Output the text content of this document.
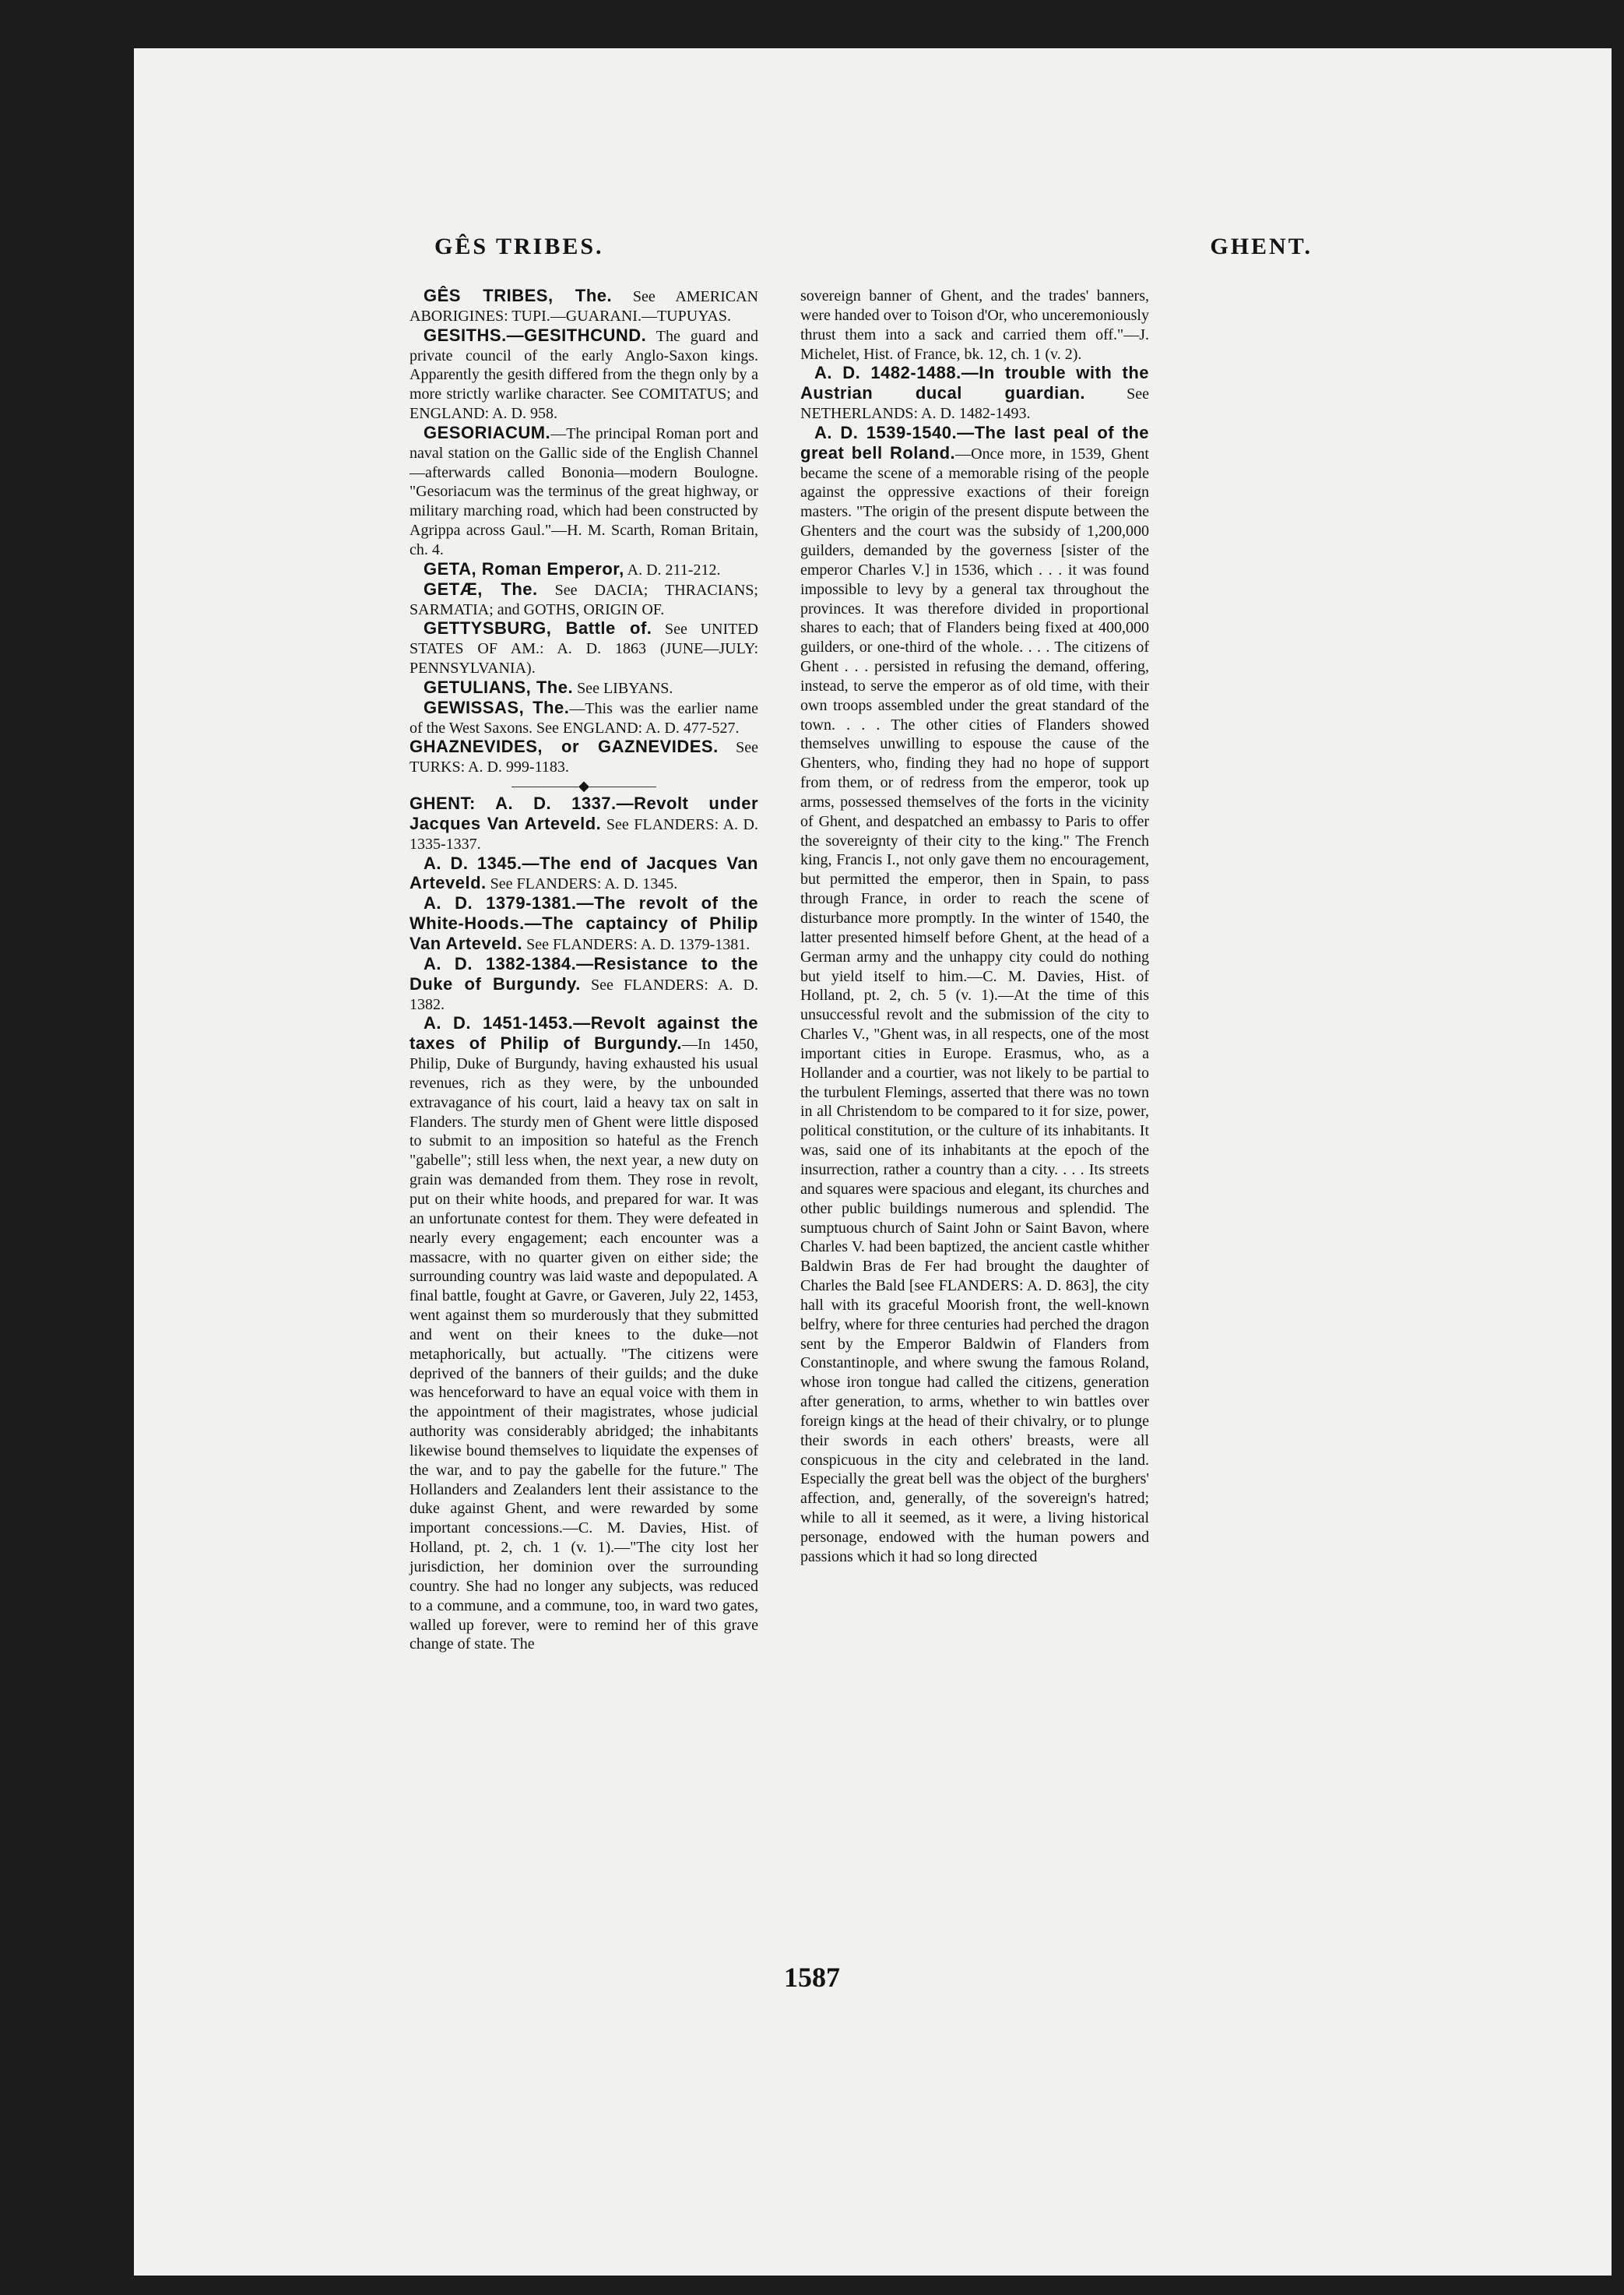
GÊS TRIBES.	GHENT.

GÊS TRIBES, The. See AMERICAN ABORIGINES: TUPI.—GUARANI.—TUPUYAS.

GESITHS.—GESITHCUND. The guard and private council of the early Anglo-Saxon kings. Apparently the gesith differed from the thegn only by a more strictly warlike character. See COMITATUS; and ENGLAND: A. D. 958.

GESORIACUM.—The principal Roman port and naval station on the Gallic side of the English Channel—afterwards called Bononia—modern Boulogne. "Gesoriacum was the terminus of the great highway, or military marching road, which had been constructed by Agrippa across Gaul."—H. M. Scarth, Roman Britain, ch. 4.

GETA, Roman Emperor, A. D. 211-212.

GETÆ, The. See DACIA; THRACIANS; SARMATIA; and GOTHS, ORIGIN OF.

GETTYSBURG, Battle of. See UNITED STATES OF AM.: A. D. 1863 (JUNE—JULY: PENNSYLVANIA).

GETULIANS, The. See LIBYANS.

GEWISSAS, The.—This was the earlier name of the West Saxons. See ENGLAND: A. D. 477-527.

GHAZNEVIDES, or GAZNEVIDES. See TURKS: A. D. 999-1183.

◆

GHENT: A. D. 1337.—Revolt under Jacques Van Arteveld. See FLANDERS: A. D. 1335-1337.

A. D. 1345.—The end of Jacques Van Arteveld. See FLANDERS: A. D. 1345.

A. D. 1379-1381.—The revolt of the White-Hoods.—The captaincy of Philip Van Arteveld. See FLANDERS: A. D. 1379-1381.

A. D. 1382-1384.—Resistance to the Duke of Burgundy. See FLANDERS: A. D. 1382.

A. D. 1451-1453.—Revolt against the taxes of Philip of Burgundy.—In 1450, Philip, Duke of Burgundy, having exhausted his usual revenues, rich as they were, by the unbounded extravagance of his court, laid a heavy tax on salt in Flanders. The sturdy men of Ghent were little disposed to submit to an imposition so hateful as the French "gabelle"; still less when, the next year, a new duty on grain was demanded from them. They rose in revolt, put on their white hoods, and prepared for war. It was an unfortunate contest for them. They were defeated in nearly every engagement; each encounter was a massacre, with no quarter given on either side; the surrounding country was laid waste and depopulated. A final battle, fought at Gavre, or Gaveren, July 22, 1453, went against them so murderously that they submitted and went on their knees to the duke—not metaphorically, but actually. "The citizens were deprived of the banners of their guilds; and the duke was henceforward to have an equal voice with them in the appointment of their magistrates, whose judicial authority was considerably abridged; the inhabitants likewise bound themselves to liquidate the expenses of the war, and to pay the gabelle for the future." The Hollanders and Zealanders lent their assistance to the duke against Ghent, and were rewarded by some important concessions.—C. M. Davies, Hist. of Holland, pt. 2, ch. 1 (v. 1).—"The city lost her jurisdiction, her dominion over the surrounding country. She had no longer any subjects, was reduced to a commune, and a commune, too, in ward two gates, walled up forever, were to remind her of this grave change of state. The

sovereign banner of Ghent, and the trades' banners, were handed over to Toison d'Or, who unceremoniously thrust them into a sack and carried them off."—J. Michelet, Hist. of France, bk. 12, ch. 1 (v. 2).

A. D. 1482-1488.—In trouble with the Austrian ducal guardian. See NETHERLANDS: A. D. 1482-1493.

A. D. 1539-1540.—The last peal of the great bell Roland.—Once more, in 1539, Ghent became the scene of a memorable rising of the people against the oppressive exactions of their foreign masters. "The origin of the present dispute between the Ghenters and the court was the subsidy of 1,200,000 guilders, demanded by the governess [sister of the emperor Charles V.] in 1536, which . . . it was found impossible to levy by a general tax throughout the provinces. It was therefore divided in proportional shares to each; that of Flanders being fixed at 400,000 guilders, or one-third of the whole. . . . The citizens of Ghent . . . persisted in refusing the demand, offering, instead, to serve the emperor as of old time, with their own troops assembled under the great standard of the town. . . . The other cities of Flanders showed themselves unwilling to espouse the cause of the Ghenters, who, finding they had no hope of support from them, or of redress from the emperor, took up arms, possessed themselves of the forts in the vicinity of Ghent, and despatched an embassy to Paris to offer the sovereignty of their city to the king." The French king, Francis I., not only gave them no encouragement, but permitted the emperor, then in Spain, to pass through France, in order to reach the scene of disturbance more promptly. In the winter of 1540, the latter presented himself before Ghent, at the head of a German army and the unhappy city could do nothing but yield itself to him.—C. M. Davies, Hist. of Holland, pt. 2, ch. 5 (v. 1).—At the time of this unsuccessful revolt and the submission of the city to Charles V., "Ghent was, in all respects, one of the most important cities in Europe. Erasmus, who, as a Hollander and a courtier, was not likely to be partial to the turbulent Flemings, asserted that there was no town in all Christendom to be compared to it for size, power, political constitution, or the culture of its inhabitants. It was, said one of its inhabitants at the epoch of the insurrection, rather a country than a city. . . . Its streets and squares were spacious and elegant, its churches and other public buildings numerous and splendid. The sumptuous church of Saint John or Saint Bavon, where Charles V. had been baptized, the ancient castle whither Baldwin Bras de Fer had brought the daughter of Charles the Bald [see FLANDERS: A. D. 863], the city hall with its graceful Moorish front, the well-known belfry, where for three centuries had perched the dragon sent by the Emperor Baldwin of Flanders from Constantinople, and where swung the famous Roland, whose iron tongue had called the citizens, generation after generation, to arms, whether to win battles over foreign kings at the head of their chivalry, or to plunge their swords in each others' breasts, were all conspicuous in the city and celebrated in the land. Especially the great bell was the object of the burghers' affection, and, generally, of the sovereign's hatred; while to all it seemed, as it were, a living historical personage, endowed with the human powers and passions which it had so long directed

1587
